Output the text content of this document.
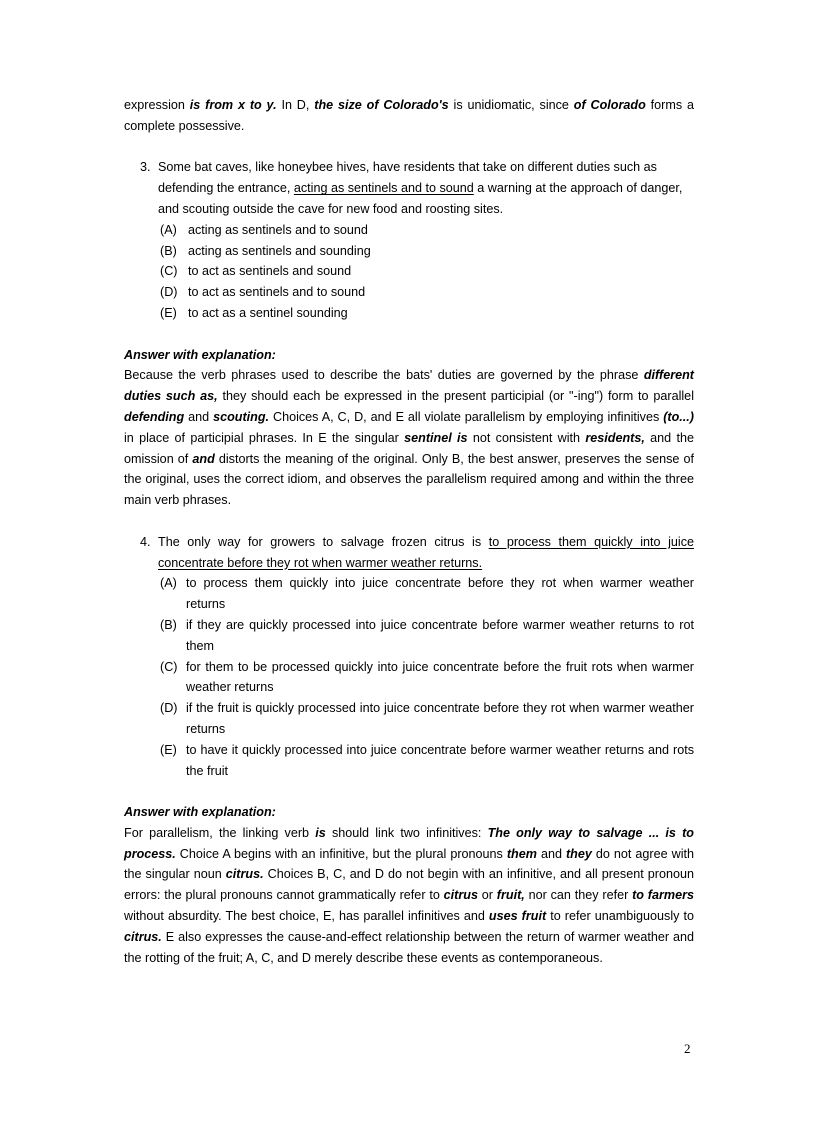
expression is from x to y. In D, the size of Colorado's is unidiomatic, since of Colorado forms a complete possessive.

3. Some bat caves, like honeybee hives, have residents that take on different duties such as defending the entrance, acting as sentinels and to sound a warning at the approach of danger, and scouting outside the cave for new food and roosting sites.

(A) acting as sentinels and to sound
(B) acting as sentinels and sounding
(C) to act as sentinels and sound
(D) to act as sentinels and to sound
(E) to act as a sentinel sounding

Answer with explanation:

Because the verb phrases used to describe the bats' duties are governed by the phrase different duties such as, they should each be expressed in the present participial (or "-ing") form to parallel defending and scouting. Choices A, C, D, and E all violate parallelism by employing infinitives (to...) in place of participial phrases. In E the singular sentinel is not consistent with residents, and the omission of and distorts the meaning of the original. Only B, the best answer, preserves the sense of the original, uses the correct idiom, and observes the parallelism required among and within the three main verb phrases.

4. The only way for growers to salvage frozen citrus is to process them quickly into juice concentrate before they rot when warmer weather returns.

(A) to process them quickly into juice concentrate before they rot when warmer weather returns
(B) if they are quickly processed into juice concentrate before warmer weather returns to rot them
(C) for them to be processed quickly into juice concentrate before the fruit rots when warmer weather returns
(D) if the fruit is quickly processed into juice concentrate before they rot when warmer weather returns
(E) to have it quickly processed into juice concentrate before warmer weather returns and rots the fruit

Answer with explanation:

For parallelism, the linking verb is should link two infinitives: The only way to salvage ... is to process. Choice A begins with an infinitive, but the plural pronouns them and they do not agree with the singular noun citrus. Choices B, C, and D do not begin with an infinitive, and all present pronoun errors: the plural pronouns cannot grammatically refer to citrus or fruit, nor can they refer to farmers without absurdity. The best choice, E, has parallel infinitives and uses fruit to refer unambiguously to citrus. E also expresses the cause-and-effect relationship between the return of warmer weather and the rotting of the fruit; A, C, and D merely describe these events as contemporaneous.

2
